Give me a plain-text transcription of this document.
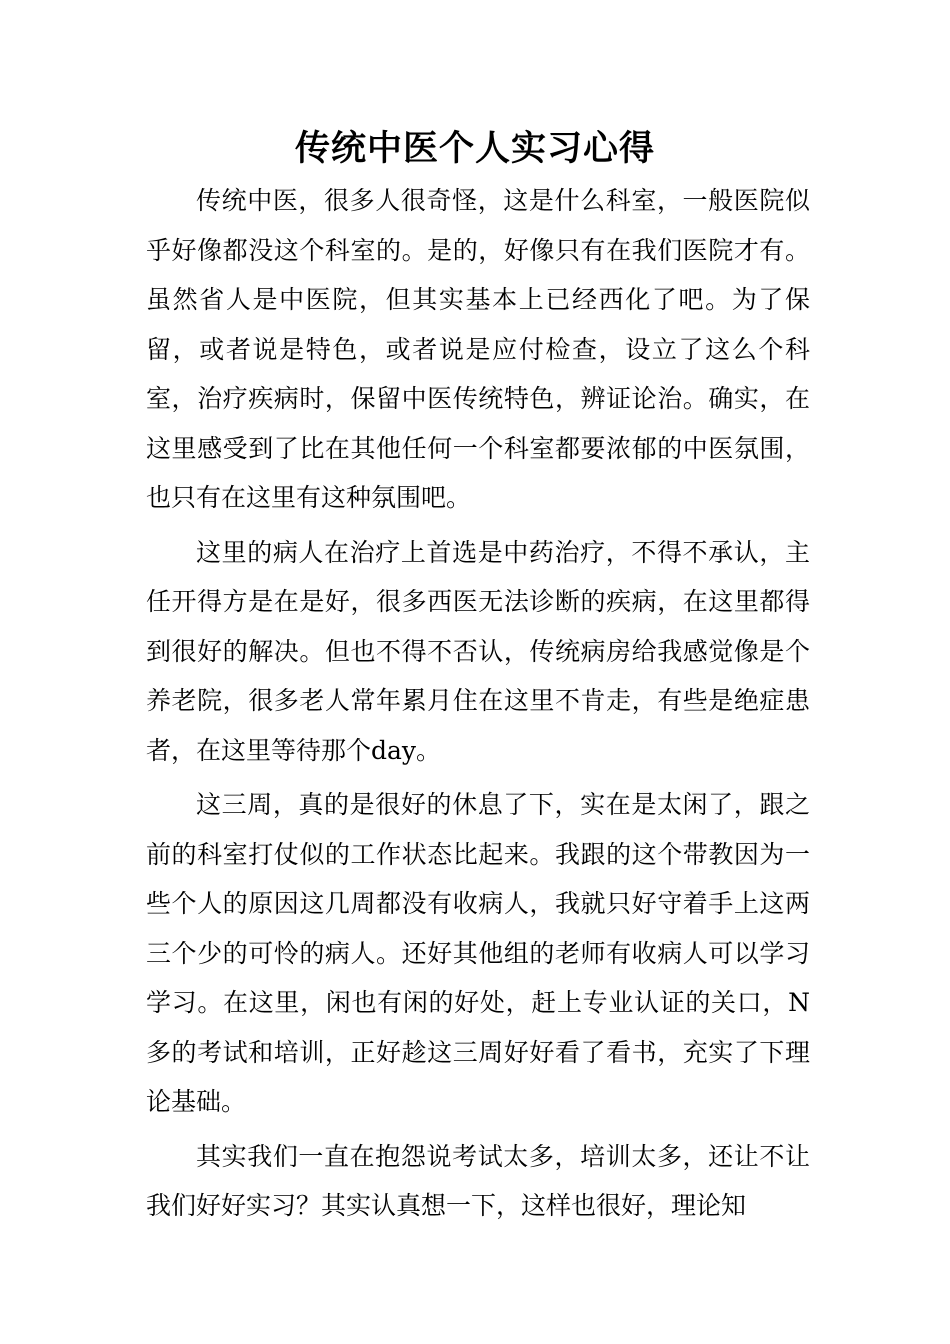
传统中医个人实习心得

传统中医，很多人很奇怪，这是什么科室，一般医院似乎好像都没这个科室的。是的，好像只有在我们医院才有。虽然省人是中医院，但其实基本上已经西化了吧。为了保留，或者说是特色，或者说是应付检查，设立了这么个科室，治疗疾病时，保留中医传统特色，辨证论治。确实，在这里感受到了比在其他任何一个科室都要浓郁的中医氛围，也只有在这里有这种氛围吧。

这里的病人在治疗上首选是中药治疗，不得不承认，主任开得方是在是好，很多西医无法诊断的疾病，在这里都得到很好的解决。但也不得不否认，传统病房给我感觉像是个养老院，很多老人常年累月住在这里不肯走，有些是绝症患者，在这里等待那个day。

这三周，真的是很好的休息了下，实在是太闲了，跟之前的科室打仗似的工作状态比起来。我跟的这个带教因为一些个人的原因这几周都没有收病人，我就只好守着手上这两三个少的可怜的病人。还好其他组的老师有收病人可以学习学习。在这里，闲也有闲的好处，赶上专业认证的关口，N多的考试和培训，正好趁这三周好好看了看书，充实了下理论基础。

其实我们一直在抱怨说考试太多，培训太多，还让不让我们好好实习？其实认真想一下，这样也很好，理论知
